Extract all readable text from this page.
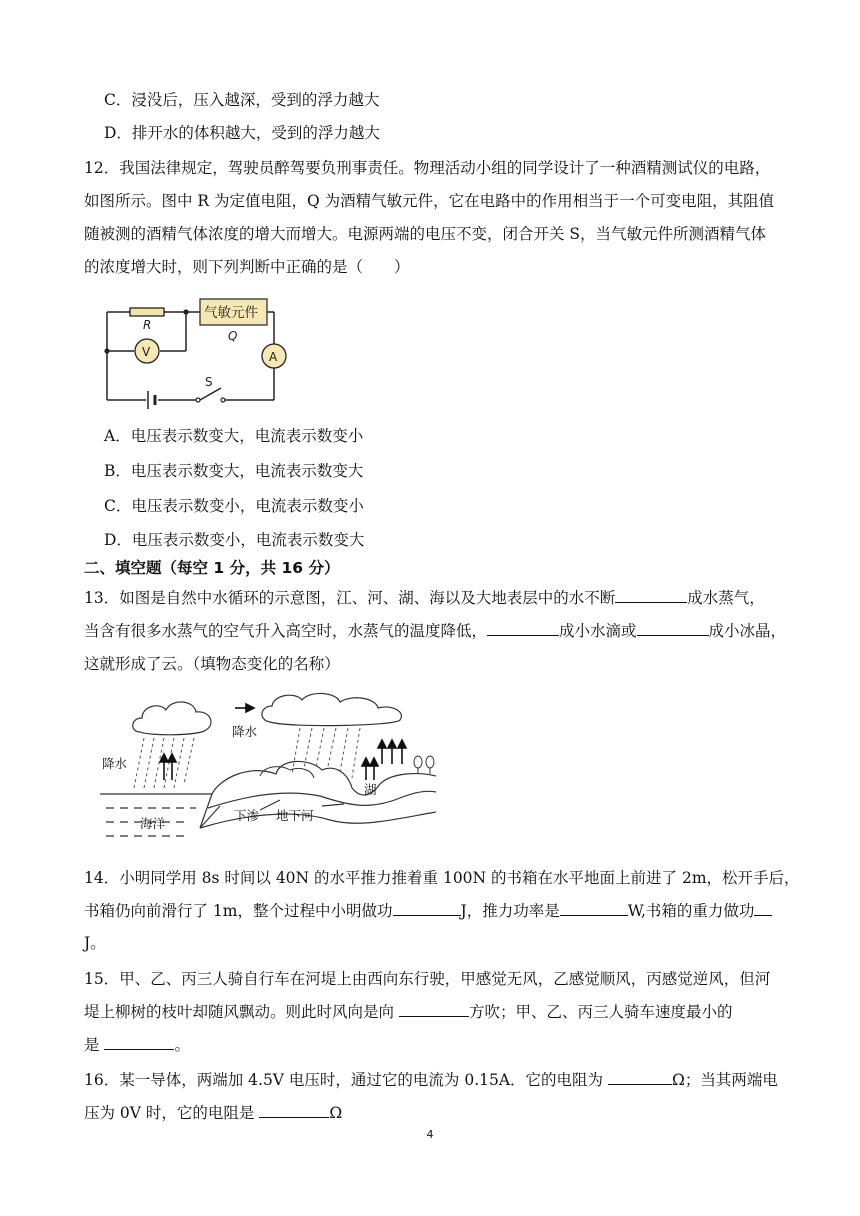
C．浸没后，压入越深，受到的浮力越大
D．排开水的体积越大，受到的浮力越大
12．我国法律规定，驾驶员醉驾要负刑事责任。物理活动小组的同学设计了一种酒精测试仪的电路，
如图所示。图中 R 为定值电阻，Q 为酒精气敏元件，它在电路中的作用相当于一个可变电阻，其阻值
随被测的酒精气体浓度的增大而增大。电源两端的电压不变，闭合开关 S，当气敏元件所测酒精气体
的浓度增大时，则下列判断中正确的是（　　）
R
气敏元件
Q
V	A
S
A．电压表示数变大，电流表示数变小
B．电压表示数变大，电流表示数变大
C．电压表示数变小，电流表示数变小
D．电压表示数变小，电流表示数变大
二、填空题（每空 1 分，共 16 分）
13．如图是自然中水循环的示意图，江、河、湖、海以及大地表层中的水不断	成水蒸气，
当含有很多水蒸气的空气升入高空时，水蒸气的温度降低，	成小水滴或	成小冰晶，
这就形成了云。（填物态变化的名称）
降水
降水
湖
海洋
下渗 地下河
14．小明同学用 8s 时间以 40N 的水平推力推着重 100N 的书箱在水平地面上前进了 2m，松开手后，
书箱仍向前滑行了 1m，整个过程中小明做功	J，推力功率是	W,书箱的重力做功
J。
15．甲、乙、丙三人骑自行车在河堤上由西向东行驶，甲感觉无风，乙感觉顺风，丙感觉逆风，但河
堤上柳树的枝叶却随风飘动。则此时风向是向	方吹；甲、乙、丙三人骑车速度最小的
是	。
16．某一导体，两端加 4.5V 电压时，通过它的电流为 0.15A．它的电阻为	Ω；当其两端电
压为 0V 时，它的电阻是	Ω
4
